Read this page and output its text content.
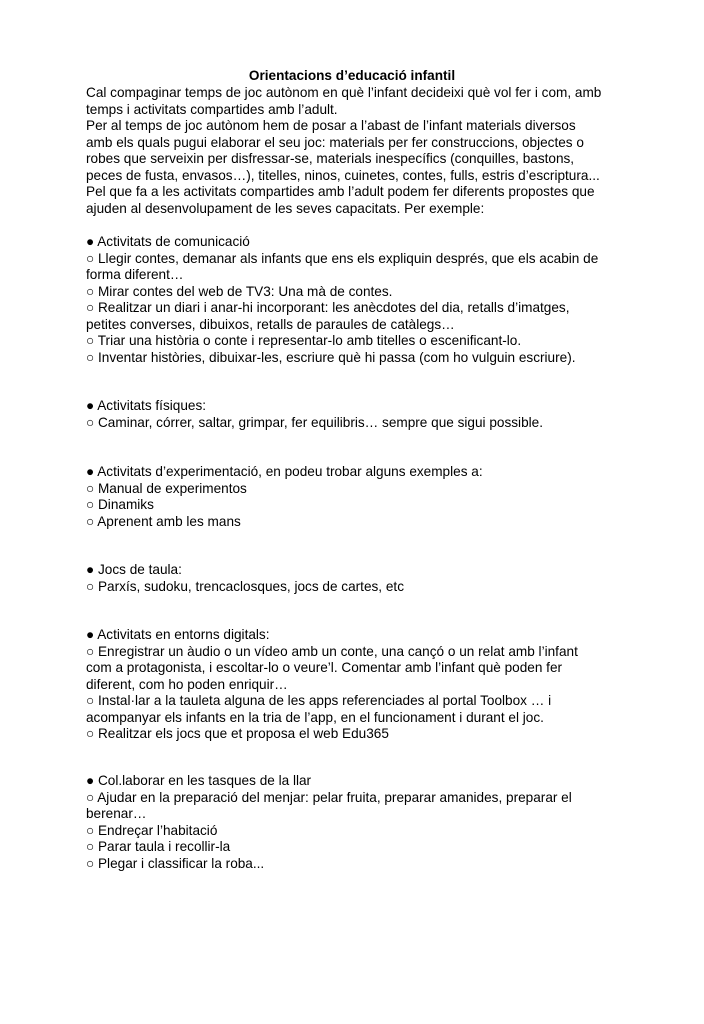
Orientacions d’educació infantil
Cal compaginar temps de joc autònom en què l’infant decideixi què vol fer i com, amb
temps i activitats compartides amb l’adult.
Per al temps de joc autònom hem de posar a l’abast de l’infant materials diversos
amb els quals pugui elaborar el seu joc: materials per fer construccions, objectes o
robes que serveixin per disfressar-se, materials inespecífics (conquilles, bastons,
peces de fusta, envasos…), titelles, ninos, cuinetes, contes, fulls, estris d’escriptura...
Pel que fa a les activitats compartides amb l’adult podem fer diferents propostes que
ajuden al desenvolupament de les seves capacitats. Per exemple:
● Activitats de comunicació
○ Llegir contes, demanar als infants que ens els expliquin després, que els acabin de
forma diferent…
○ Mirar contes del web de TV3: Una mà de contes.
○ Realitzar un diari i anar-hi incorporant: les anècdotes del dia, retalls d’imatges,
petites converses, dibuixos, retalls de paraules de catàlegs…
○ Triar una història o conte i representar-lo amb titelles o escenificant-lo.
○ Inventar històries, dibuixar-les, escriure què hi passa (com ho vulguin escriure).
● Activitats físiques:
○ Caminar, córrer, saltar, grimpar, fer equilibris… sempre que sigui possible.
● Activitats d’experimentació, en podeu trobar alguns exemples a:
○ Manual de experimentos
○ Dinamiks
○ Aprenent amb les mans
● Jocs de taula:
○ Parxís, sudoku, trencaclosques, jocs de cartes, etc
● Activitats en entorns digitals:
○ Enregistrar un àudio o un vídeo amb un conte, una cançó o un relat amb l’infant
com a protagonista, i escoltar-lo o veure’l. Comentar amb l’infant què poden fer
diferent, com ho poden enriquir…
○ Instal·lar a la tauleta alguna de les apps referenciades al portal Toolbox … i
acompanyar els infants en la tria de l’app, en el funcionament i durant el joc.
○ Realitzar els jocs que et proposa el web Edu365
● Col.laborar en les tasques de la llar
○ Ajudar en la preparació del menjar: pelar fruita, preparar amanides, preparar el
berenar…
○ Endreçar l’habitació
○ Parar taula i recollir-la
○ Plegar i classificar la roba...
